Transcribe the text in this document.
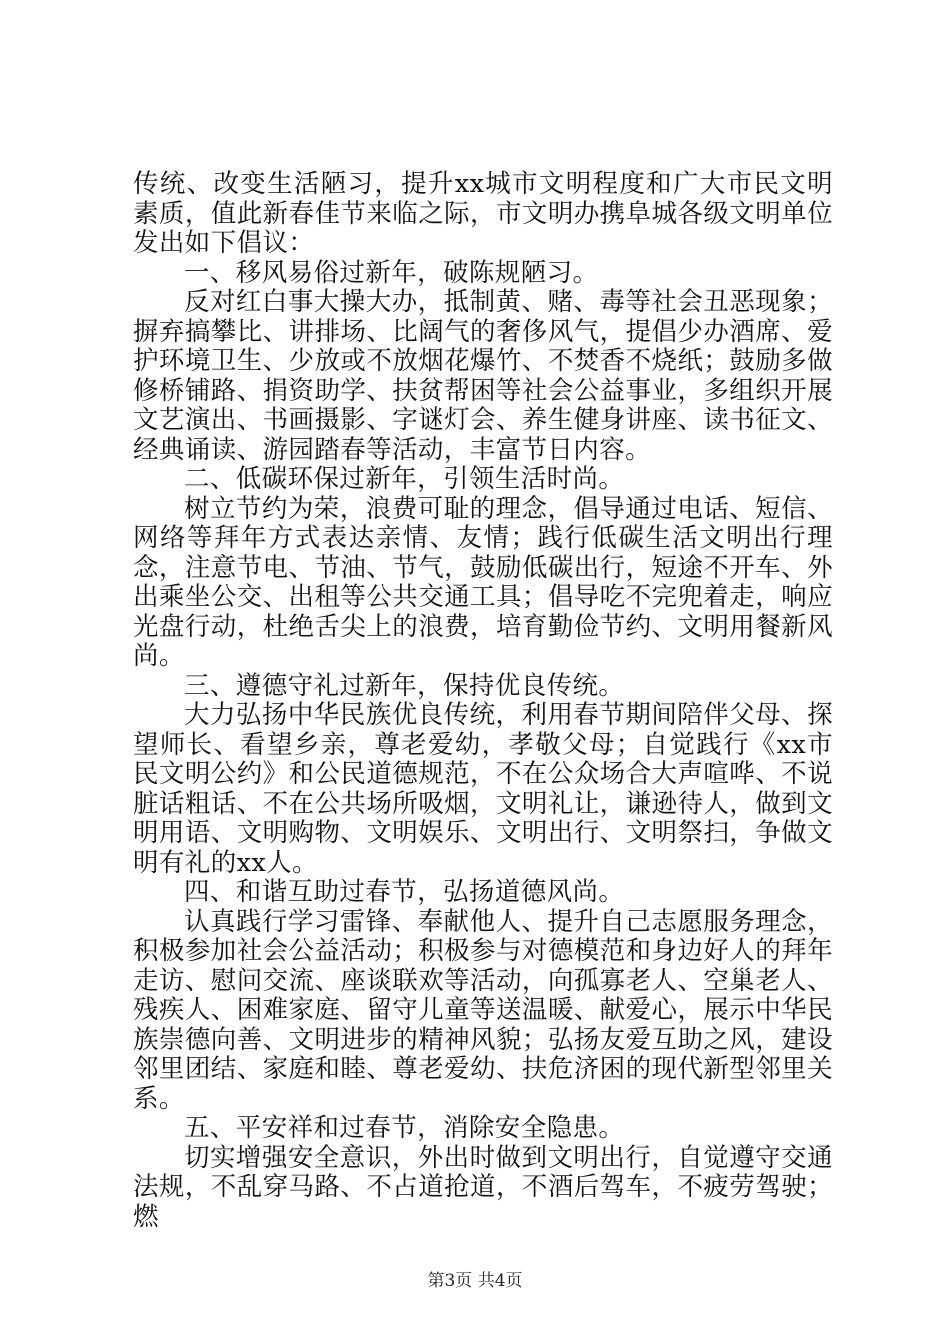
传统、改变生活陋习，提升xx城市文明程度和广大市民文明素质，值此新春佳节来临之际，市文明办携阜城各级文明单位发出如下倡议：

一、移风易俗过新年，破陈规陋习。

反对红白事大操大办，抵制黄、赌、毒等社会丑恶现象；摒弃搞攀比、讲排场、比阔气的奢侈风气，提倡少办酒席、爱护环境卫生、少放或不放烟花爆竹、不焚香不烧纸；鼓励多做修桥铺路、捐资助学、扶贫帮困等社会公益事业，多组织开展文艺演出、书画摄影、字谜灯会、养生健身讲座、读书征文、经典诵读、游园踏春等活动，丰富节日内容。

二、低碳环保过新年，引领生活时尚。

树立节约为荣，浪费可耻的理念，倡导通过电话、短信、网络等拜年方式表达亲情、友情；践行低碳生活文明出行理念，注意节电、节油、节气，鼓励低碳出行，短途不开车、外出乘坐公交、出租等公共交通工具；倡导吃不完兜着走，响应光盘行动，杜绝舌尖上的浪费，培育勤俭节约、文明用餐新风尚。

三、遵德守礼过新年，保持优良传统。

大力弘扬中华民族优良传统，利用春节期间陪伴父母、探望师长、看望乡亲，尊老爱幼，孝敬父母；自觉践行《xx市民文明公约》和公民道德规范，不在公众场合大声喧哗、不说脏话粗话、不在公共场所吸烟，文明礼让，谦逊待人，做到文明用语、文明购物、文明娱乐、文明出行、文明祭扫，争做文明有礼的xx人。

四、和谐互助过春节，弘扬道德风尚。

认真践行学习雷锋、奉献他人、提升自己志愿服务理念，积极参加社会公益活动；积极参与对德模范和身边好人的拜年走访、慰问交流、座谈联欢等活动，向孤寡老人、空巢老人、残疾人、困难家庭、留守儿童等送温暖、献爱心，展示中华民族崇德向善、文明进步的精神风貌；弘扬友爱互助之风，建设邻里团结、家庭和睦、尊老爱幼、扶危济困的现代新型邻里关系。

五、平安祥和过春节，消除安全隐患。

切实增强安全意识，外出时做到文明出行，自觉遵守交通法规，不乱穿马路、不占道抢道，不酒后驾车，不疲劳驾驶；燃

第3页 共4页
